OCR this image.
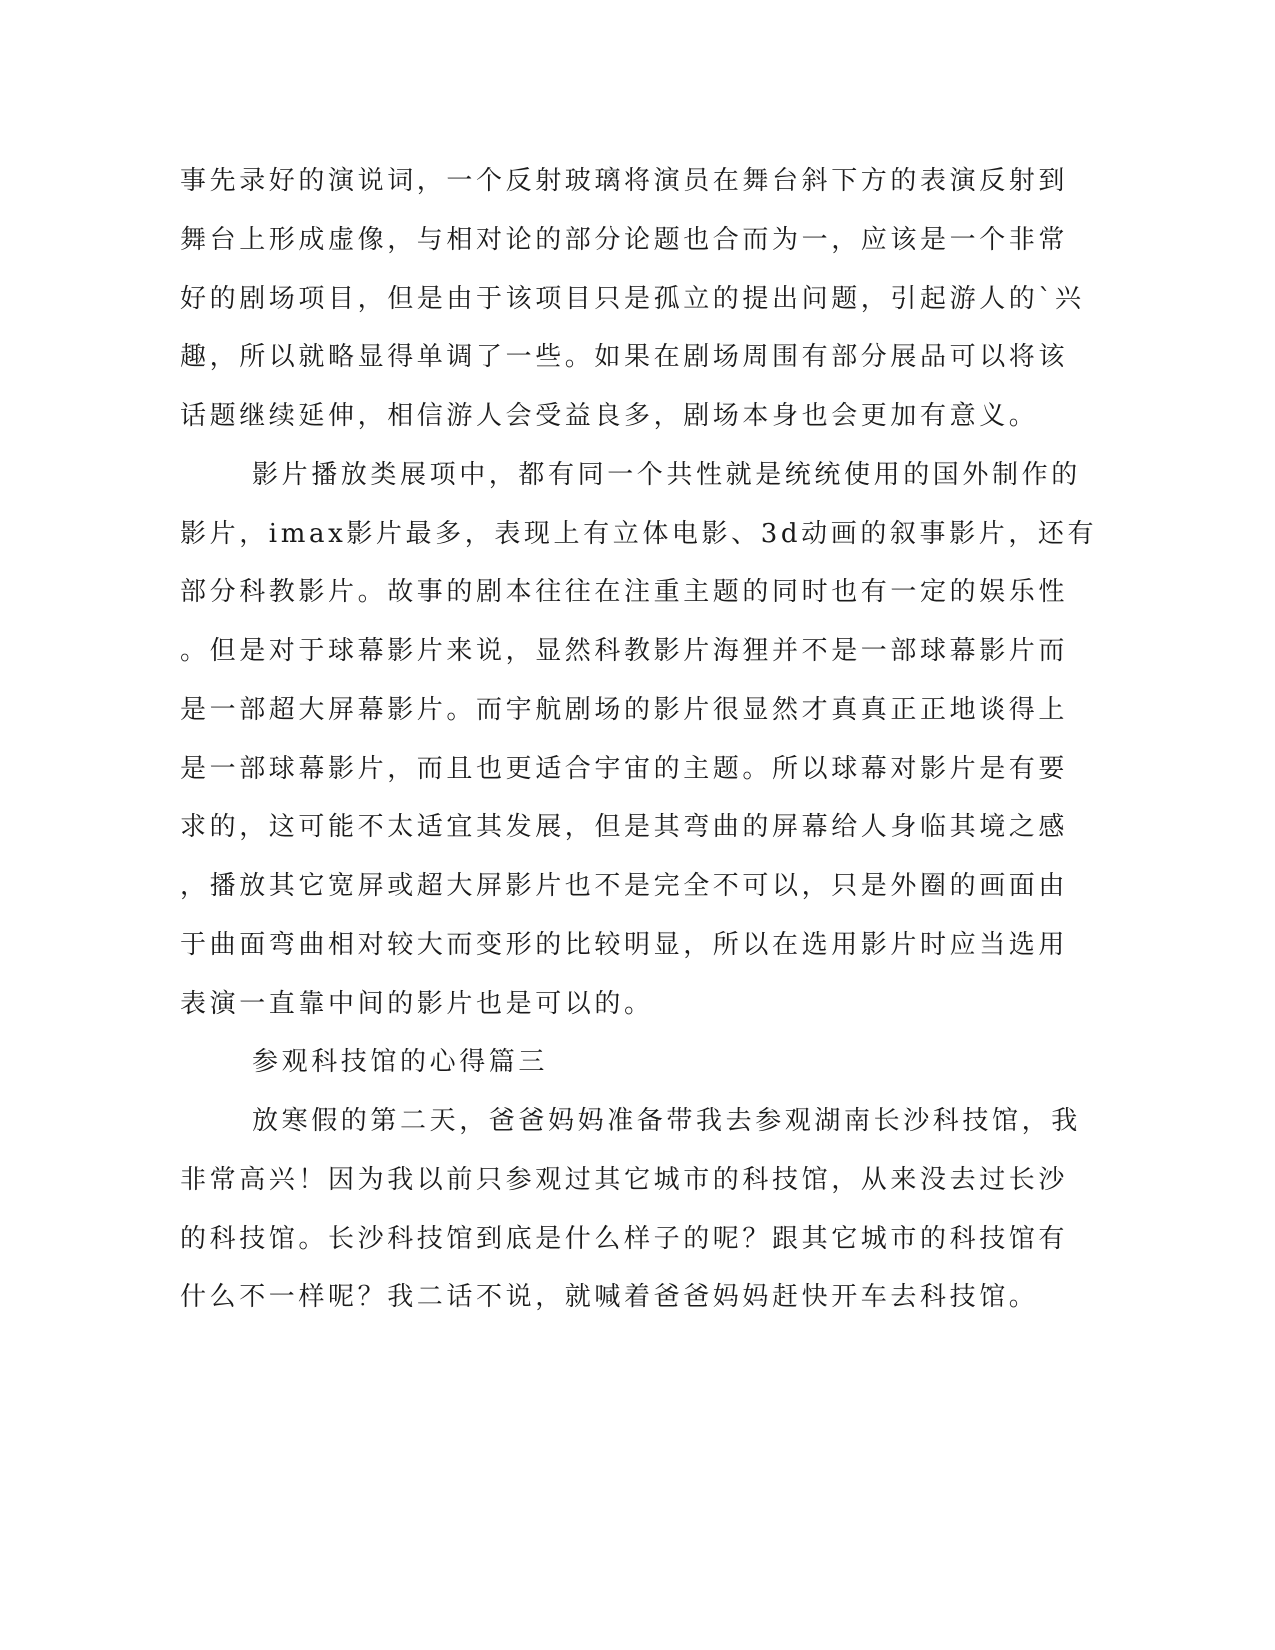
事先录好的演说词，一个反射玻璃将演员在舞台斜下方的表演反射到
舞台上形成虚像，与相对论的部分论题也合而为一，应该是一个非常
好的剧场项目，但是由于该项目只是孤立的提出问题，引起游人的`兴
趣，所以就略显得单调了一些。如果在剧场周围有部分展品可以将该
话题继续延伸，相信游人会受益良多，剧场本身也会更加有意义。
影片播放类展项中，都有同一个共性就是统统使用的国外制作的
影片，imax影片最多，表现上有立体电影、3d动画的叙事影片，还有
部分科教影片。故事的剧本往往在注重主题的同时也有一定的娱乐性
。但是对于球幕影片来说，显然科教影片海狸并不是一部球幕影片而
是一部超大屏幕影片。而宇航剧场的影片很显然才真真正正地谈得上
是一部球幕影片，而且也更适合宇宙的主题。所以球幕对影片是有要
求的，这可能不太适宜其发展，但是其弯曲的屏幕给人身临其境之感
，播放其它宽屏或超大屏影片也不是完全不可以，只是外圈的画面由
于曲面弯曲相对较大而变形的比较明显，所以在选用影片时应当选用
表演一直靠中间的影片也是可以的。
参观科技馆的心得篇三
放寒假的第二天，爸爸妈妈准备带我去参观湖南长沙科技馆，我
非常高兴！因为我以前只参观过其它城市的科技馆，从来没去过长沙
的科技馆。长沙科技馆到底是什么样子的呢？跟其它城市的科技馆有
什么不一样呢？我二话不说，就喊着爸爸妈妈赶快开车去科技馆。
